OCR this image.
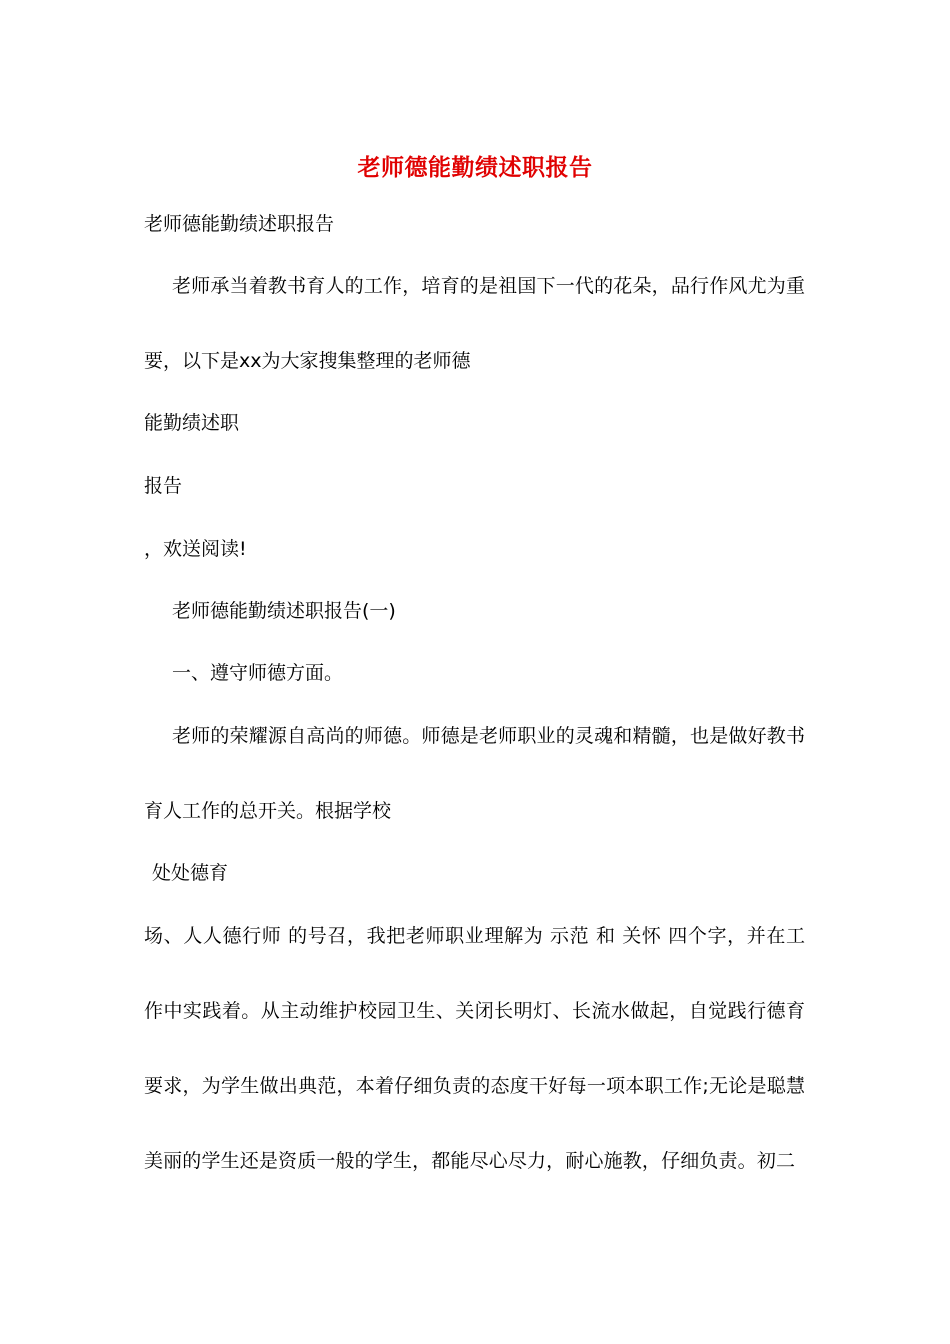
老师德能勤绩述职报告
老师德能勤绩述职报告
老师承当着教书育人的工作，培育的是祖国下一代的花朵，品行作风尤为重
要，以下是xx为大家搜集整理的老师德
能勤绩述职
报告
，欢送阅读!
老师德能勤绩述职报告(一)
一、遵守师德方面。
老师的荣耀源自高尚的师德。师德是老师职业的灵魂和精髓，也是做好教书
育人工作的总开关。根据学校
处处德育
场、人人德行师 的号召，我把老师职业理解为 示范 和 关怀 四个字，并在工
作中实践着。从主动维护校园卫生、关闭长明灯、长流水做起，自觉践行德育
要求，为学生做出典范，本着仔细负责的态度干好每一项本职工作;无论是聪慧
美丽的学生还是资质一般的学生，都能尽心尽力，耐心施教，仔细负责。初二
